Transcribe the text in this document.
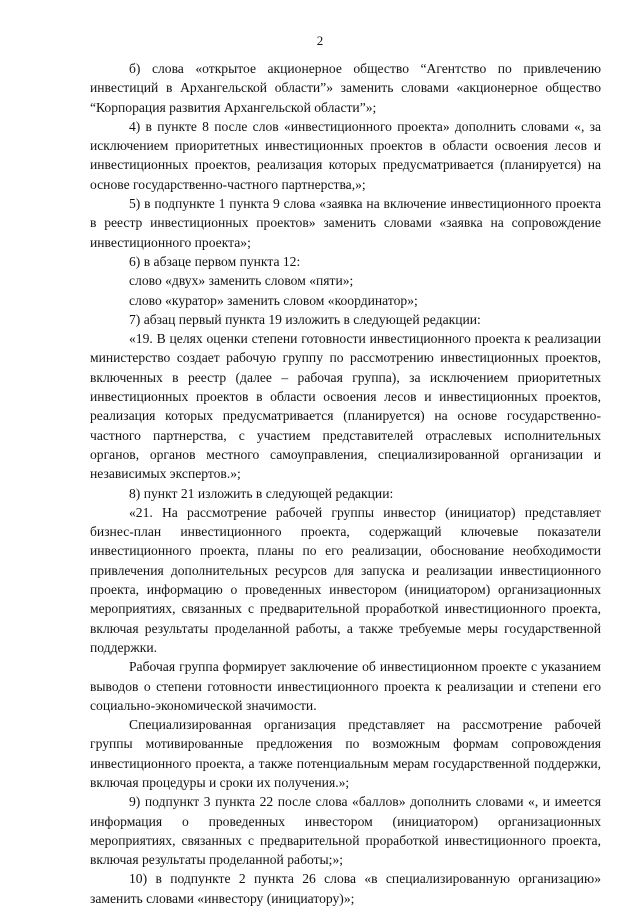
2

б) слова «открытое акционерное общество “Агентство по привлечению инвестиций в Архангельской области”» заменить словами «акционерное общество “Корпорация развития Архангельской области”»;

4) в пункте 8 после слов «инвестиционного проекта» дополнить словами «, за исключением приоритетных инвестиционных проектов в области освоения лесов и инвестиционных проектов, реализация которых предусматривается (планируется) на основе государственно-частного партнерства,»;

5) в подпункте 1 пункта 9 слова «заявка на включение инвестиционного проекта в реестр инвестиционных проектов» заменить словами «заявка на сопровождение инвестиционного проекта»;

6) в абзаце первом пункта 12:

слово «двух» заменить словом «пяти»;

слово «куратор» заменить словом «координатор»;

7) абзац первый пункта 19 изложить в следующей редакции:

«19. В целях оценки степени готовности инвестиционного проекта к реализации министерство создает рабочую группу по рассмотрению инвестиционных проектов, включенных в реестр (далее – рабочая группа), за исключением приоритетных инвестиционных проектов в области освоения лесов и инвестиционных проектов, реализация которых предусматривается (планируется) на основе государственно-частного партнерства, с участием представителей отраслевых исполнительных органов, органов местного самоуправления, специализированной организации и независимых экспертов.»;

8) пункт 21 изложить в следующей редакции:

«21. На рассмотрение рабочей группы инвестор (инициатор) представляет бизнес-план инвестиционного проекта, содержащий ключевые показатели инвестиционного проекта, планы по его реализации, обоснование необходимости привлечения дополнительных ресурсов для запуска и реализации инвестиционного проекта, информацию о проведенных инвестором (инициатором) организационных мероприятиях, связанных с предварительной проработкой инвестиционного проекта, включая результаты проделанной работы, а также требуемые меры государственной поддержки.

Рабочая группа формирует заключение об инвестиционном проекте с указанием выводов о степени готовности инвестиционного проекта к реализации и степени его социально-экономической значимости.

Специализированная организация представляет на рассмотрение рабочей группы мотивированные предложения по возможным формам сопровождения инвестиционного проекта, а также потенциальным мерам государственной поддержки, включая процедуры и сроки их получения.»;

9) подпункт 3 пункта 22 после слова «баллов» дополнить словами «, и имеется информация о проведенных инвестором (инициатором) организационных мероприятиях, связанных с предварительной проработкой инвестиционного проекта, включая результаты проделанной работы;»;

10) в подпункте 2 пункта 26 слова «в специализированную организацию» заменить словами «инвестору (инициатору)»;
